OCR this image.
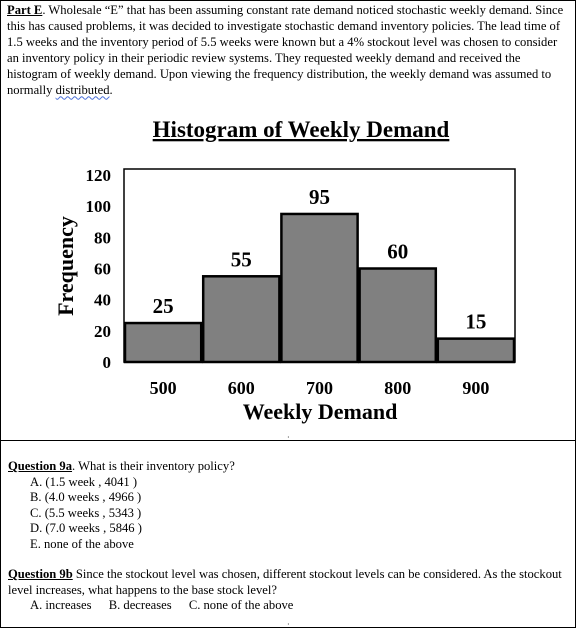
Part E. Wholesale “E” that has been assuming constant rate demand noticed stochastic weekly demand. Since this has caused problems, it was decided to investigate stochastic demand inventory policies. The lead time of 1.5 weeks and the inventory period of 5.5 weeks were known but a 4% stockout level was chosen to consider an inventory policy in their periodic review systems. They requested weekly demand and received the histogram of weekly demand. Upon viewing the frequency distribution, the weekly demand was assumed to normally distributed.

Histogram of Weekly Demand
0
20
40
60
80
100
120
25
55
95
60
15
500	600	700	800	900
Frequency
Weekly Demand
·
Question 9a. What is their inventory policy?
A. (1.5 week , 4041 )
B. (4.0 weeks , 4966 )
C. (5.5 weeks , 5343 )
D. (7.0 weeks , 5846 )
E. none of the above
Question 9b Since the stockout level was chosen, different stockout levels can be considered. As the stockout level increases, what happens to the base stock level?
A. increases B. decreases C. none of the above
·
